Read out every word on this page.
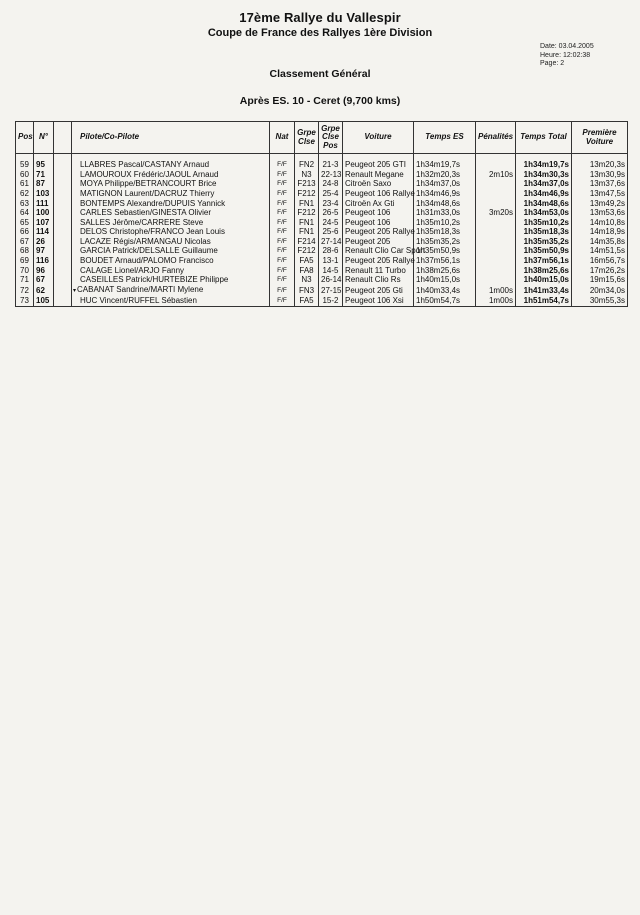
17ème Rallye du Vallespir
Coupe de France des Rallyes 1ère Division
Date: 03.04.2005
Heure: 12:02:38
Page: 2
Classement Général
Après ES. 10 - Ceret (9,700 kms)
Pos	N°		Pilote/Co-Pilote	Nat	Grpe Clse	Grpe Clse Pos	Voiture	Temps ES	Pénalités	Temps Total	Première Voiture

59	95		LLABRES Pascal/CASTANY Arnaud	F/F	FN2	21-3	Peugeot 205 GTI	1h34m19,7s		1h34m19,7s	13m20,3s
60	71		LAMOUROUX Frédéric/JAOUL Arnaud	F/F	N3	22-13	Renault Megane	1h32m20,3s	2m10s	1h34m30,3s	13m30,9s
61	87		MOYA Philippe/BETRANCOURT Brice	F/F	F213	24-8	Citroën Saxo	1h34m37,0s		1h34m37,0s	13m37,6s
62	103		MATIGNON Laurent/DACRUZ Thierry	F/F	F212	25-4	Peugeot 106 Rallye	1h34m46,9s		1h34m46,9s	13m47,5s
63	111		BONTEMPS Alexandre/DUPUIS Yannick	F/F	FN1	23-4	Citroën Ax Gti	1h34m48,6s		1h34m48,6s	13m49,2s
64	100		CARLES Sebastien/GINESTA Olivier	F/F	F212	26-5	Peugeot 106	1h31m33,0s	3m20s	1h34m53,0s	13m53,6s
65	107		SALLES Jérôme/CARRERE Steve	F/F	FN1	24-5	Peugeot 106	1h35m10,2s		1h35m10,2s	14m10,8s
66	114		DELOS Christophe/FRANCO Jean Louis	F/F	FN1	25-6	Peugeot 205 Rallye	1h35m18,3s		1h35m18,3s	14m18,9s
67	26		LACAZE Régis/ARMANGAU Nicolas	F/F	F214	27-14	Peugeot 205	1h35m35,2s		1h35m35,2s	14m35,8s
68	97		GARCIA Patrick/DELSALLE Guillaume	F/F	F212	28-6	Renault Clio Car Sport	1h35m50,9s		1h35m50,9s	14m51,5s
69	116		BOUDET Arnaud/PALOMO Francisco	F/F	FA5	13-1	Peugeot 205 Rallye	1h37m56,1s		1h37m56,1s	16m56,7s
70	96		CALAGE Lionel/ARJO Fanny	F/F	FA8	14-5	Renault 11 Turbo	1h38m25,6s		1h38m25,6s	17m26,2s
71	67		CASEILLES Patrick/HURTEBIZE Philippe	F/F	N3	26-14	Renault Clio Rs	1h40m15,0s		1h40m15,0s	19m15,6s
72	62		▾CABANAT Sandrine/MARTI Mylene	F/F	FN3	27-15	Peugeot 205 Gti	1h40m33,4s	1m00s	1h41m33,4s	20m34,0s
73	105		HUC Vincent/RUFFEL Sébastien	F/F	FA5	15-2	Peugeot 106 Xsi	1h50m54,7s	1m00s	1h51m54,7s	30m55,3s
